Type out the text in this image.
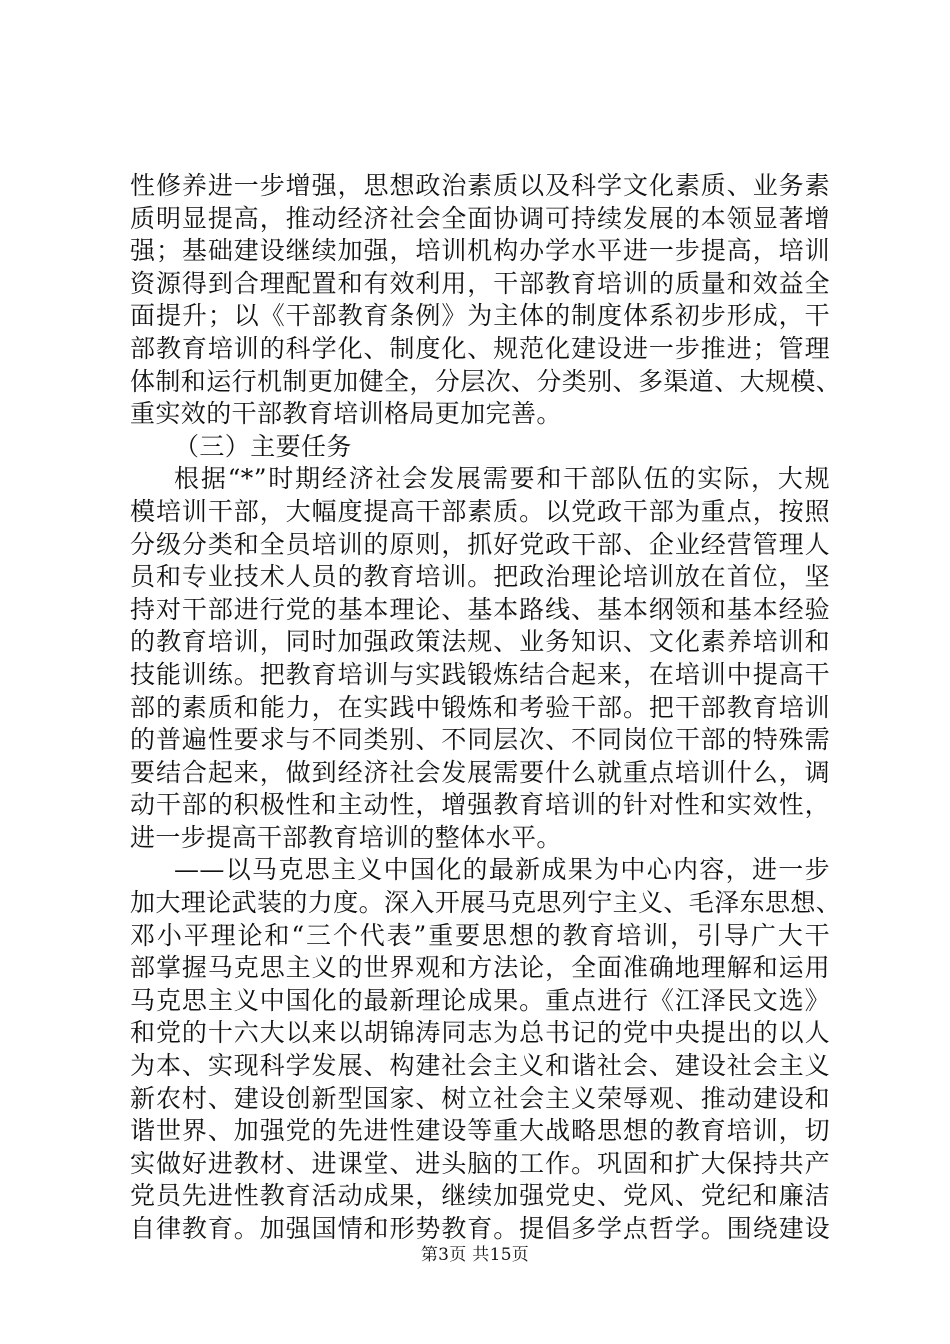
性修养进一步增强，思想政治素质以及科学文化素质、业务素
质明显提高，推动经济社会全面协调可持续发展的本领显著增
强；基础建设继续加强，培训机构办学水平进一步提高，培训
资源得到合理配置和有效利用，干部教育培训的质量和效益全
面提升；以《干部教育条例》为主体的制度体系初步形成，干
部教育培训的科学化、制度化、规范化建设进一步推进；管理
体制和运行机制更加健全，分层次、分类别、多渠道、大规模、
重实效的干部教育培训格局更加完善。
（三）主要任务
根据“*”时期经济社会发展需要和干部队伍的实际，大规
模培训干部，大幅度提高干部素质。以党政干部为重点，按照
分级分类和全员培训的原则，抓好党政干部、企业经营管理人
员和专业技术人员的教育培训。把政治理论培训放在首位，坚
持对干部进行党的基本理论、基本路线、基本纲领和基本经验
的教育培训，同时加强政策法规、业务知识、文化素养培训和
技能训练。把教育培训与实践锻炼结合起来，在培训中提高干
部的素质和能力，在实践中锻炼和考验干部。把干部教育培训
的普遍性要求与不同类别、不同层次、不同岗位干部的特殊需
要结合起来，做到经济社会发展需要什么就重点培训什么，调
动干部的积极性和主动性，增强教育培训的针对性和实效性，
进一步提高干部教育培训的整体水平。
——以马克思主义中国化的最新成果为中心内容，进一步
加大理论武装的力度。深入开展马克思列宁主义、毛泽东思想、
邓小平理论和“三个代表”重要思想的教育培训，引导广大干
部掌握马克思主义的世界观和方法论，全面准确地理解和运用
马克思主义中国化的最新理论成果。重点进行《江泽民文选》
和党的十六大以来以胡锦涛同志为总书记的党中央提出的以人
为本、实现科学发展、构建社会主义和谐社会、建设社会主义
新农村、建设创新型国家、树立社会主义荣辱观、推动建设和
谐世界、加强党的先进性建设等重大战略思想的教育培训，切
实做好进教材、进课堂、进头脑的工作。巩固和扩大保持共产
党员先进性教育活动成果，继续加强党史、党风、党纪和廉洁
自律教育。加强国情和形势教育。提倡多学点哲学。围绕建设
第3页 共15页
